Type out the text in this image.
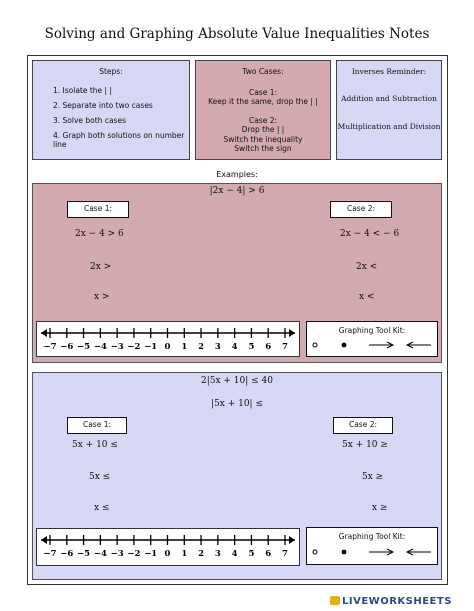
Solving and Graphing Absolute Value Inequalities Notes
Steps:
1. Isolate the | |
2. Separate into two cases
3. Solve both cases
4. Graph both solutions on number line
Two Cases:
Case 1:
Keep it the same, drop the | |
Case 2:
Drop the | |
Switch the inequality
Switch the sign
Inverses Reminder:
Addition and Subtraction
Multiplication and Division
Examples:
|2x − 4| > 6
Case 1:	Case 2:
2x − 4 > 6
2x >
x >
2x − 4 < − 6
2x <
x <
−7 −6 −5 −4 −3 −2 −1 0 1 2 3 4 5 6 7
Graphing Tool Kit:
2|5x + 10| ≤ 40
|5x + 10| ≤
Case 1:	Case 2:
5x + 10 ≤
5x ≤
x ≤
5x + 10 ≥
5x ≥
x ≥
−7 −6 −5 −4 −3 −2 −1 0 1 2 3 4 5 6 7
Graphing Tool Kit:
LIVEWORKSHEETS
